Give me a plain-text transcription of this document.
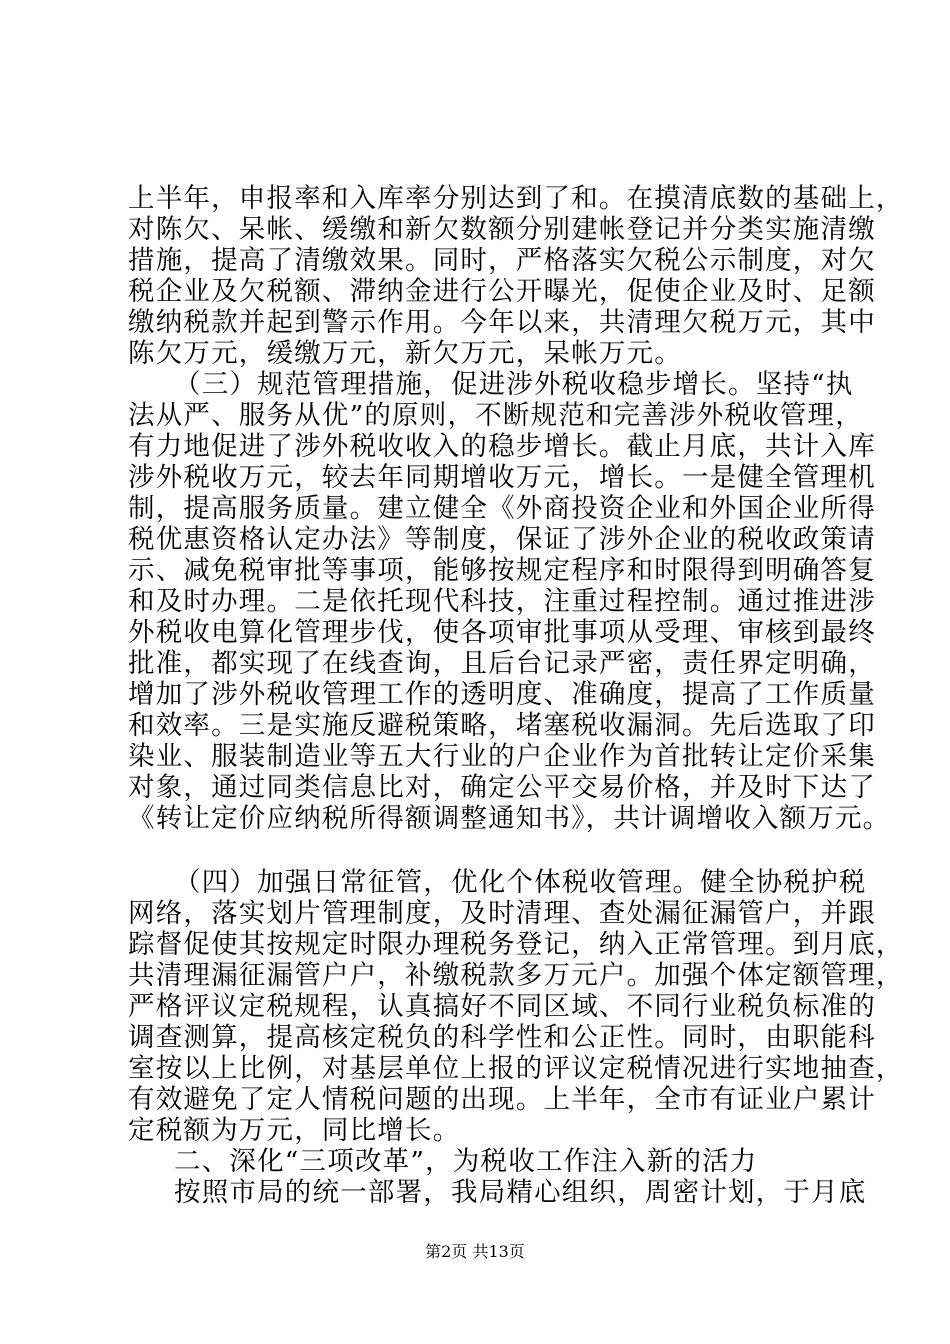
上半年，申报率和入库率分别达到了和。在摸清底数的基础上，
对陈欠、呆帐、缓缴和新欠数额分别建帐登记并分类实施清缴
措施，提高了清缴效果。同时，严格落实欠税公示制度，对欠
税企业及欠税额、滞纳金进行公开曝光，促使企业及时、足额
缴纳税款并起到警示作用。今年以来，共清理欠税万元，其中
陈欠万元，缓缴万元，新欠万元，呆帐万元。
（三）规范管理措施，促进涉外税收稳步增长。坚持“执
法从严、服务从优”的原则，不断规范和完善涉外税收管理，
有力地促进了涉外税收收入的稳步增长。截止月底，共计入库
涉外税收万元，较去年同期增收万元，增长。一是健全管理机
制，提高服务质量。建立健全《外商投资企业和外国企业所得
税优惠资格认定办法》等制度，保证了涉外企业的税收政策请
示、减免税审批等事项，能够按规定程序和时限得到明确答复
和及时办理。二是依托现代科技，注重过程控制。通过推进涉
外税收电算化管理步伐，使各项审批事项从受理、审核到最终
批准，都实现了在线查询，且后台记录严密，责任界定明确，
增加了涉外税收管理工作的透明度、准确度，提高了工作质量
和效率。三是实施反避税策略，堵塞税收漏洞。先后选取了印
染业、服装制造业等五大行业的户企业作为首批转让定价采集
对象，通过同类信息比对，确定公平交易价格，并及时下达了
《转让定价应纳税所得额调整通知书》，共计调增收入额万元。
（四）加强日常征管，优化个体税收管理。健全协税护税
网络，落实划片管理制度，及时清理、查处漏征漏管户，并跟
踪督促使其按规定时限办理税务登记，纳入正常管理。到月底，
共清理漏征漏管户户，补缴税款多万元户。加强个体定额管理，
严格评议定税规程，认真搞好不同区域、不同行业税负标准的
调查测算，提高核定税负的科学性和公正性。同时，由职能科
室按以上比例，对基层单位上报的评议定税情况进行实地抽查，
有效避免了定人情税问题的出现。上半年，全市有证业户累计
定税额为万元，同比增长。
二、深化“三项改革”，为税收工作注入新的活力
按照市局的统一部署，我局精心组织，周密计划，于月底
第2页 共13页
